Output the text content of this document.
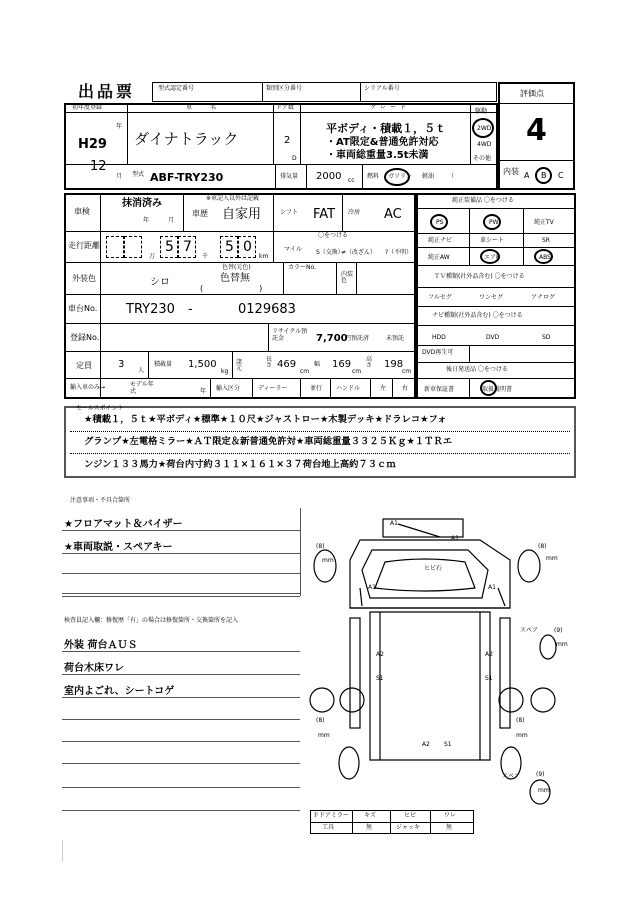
出品票	型式認定番号	類別区分番号	シリアル番号
評価点
4
内装 A B C
初年度登録
H29
年
12
月
車名
ダイナトラック
ドア数
2
D
グレード
平ボディ・積載１，５ｔ
・AT限定&普通免許対応
・車両総重量3.5t未満
駆動
2WD
4WD
その他
型式 ABF-TRY230	排気量 2000 cc
燃料 ガソリン 軽油 （
車検
抹消済み
年	月
※車記入以外は記載
車歴 自家用	シフト FAT 冷房 AC
走行距離	5 7 5 0
万	千	km
〇をつける
マイル S（交換）
≠（改ざん） ?（不明）
外装色	シロ
色替(元色)
色替無
(　　　　　　　)
カラーNo.
内装色
車台No. TRY230 -	0129683
登録No.
リサイクル預託金	7,700
円預託済	未預託
定員	3
人
積載量 1,500
kg
諸元
長さ 469
cm
幅 169
cm
高さ 198
cm
輸入車のみ→	モデル年式	年 輸入区分	ディーラー	並行 ハンドル	左	右
純正装備品 〇をつける
PS	PW	純正TV
純正ナビ	革シート	SR
純正AW	エアB	ABS
ＴＶ種類(社外品含む) 〇をつける
フルセグ	ワンセグ	アナログ
ナビ種類(社外品含む) 〇をつける
HDD	DVD	SD
DVD再生可
後日発送品 〇をつける
新車保証書	取扱説明書
セールスポイント
★積載１，５ｔ★平ボディ★標準★１０尺★ジャストロー★木製デッキ★ドラレコ★フォ
グランプ★左電格ミラー★ＡＴ限定＆新普通免許対★車両総重量３３２５Ｋｇ★１ＴＲエ
ンジン１３３馬力★荷台内寸約３１１×１６１×３７荷台地上高約７３ｃｍ
注意事項・不具合箇所
★フロアマット＆バイザー
★車両取説・スペアキー
検査員記入欄：修復歴「有」の場合は修復箇所・交換箇所を記入
外装 荷台ＡＵＳ
荷台木床ワレ
室内よごれ、シートコゲ
A1
A1
A1	A1
ヒビ石
A2
S1
A2
S1
A2 S1
(8)
mm
(8)
mm
(8)
mm
(8)
mm
スペア	(9)
mm
スペア	(9)
mm
Ｆドアミラー	キズ	ヒビ	ワレ
工具	無	ジャッキ	無
